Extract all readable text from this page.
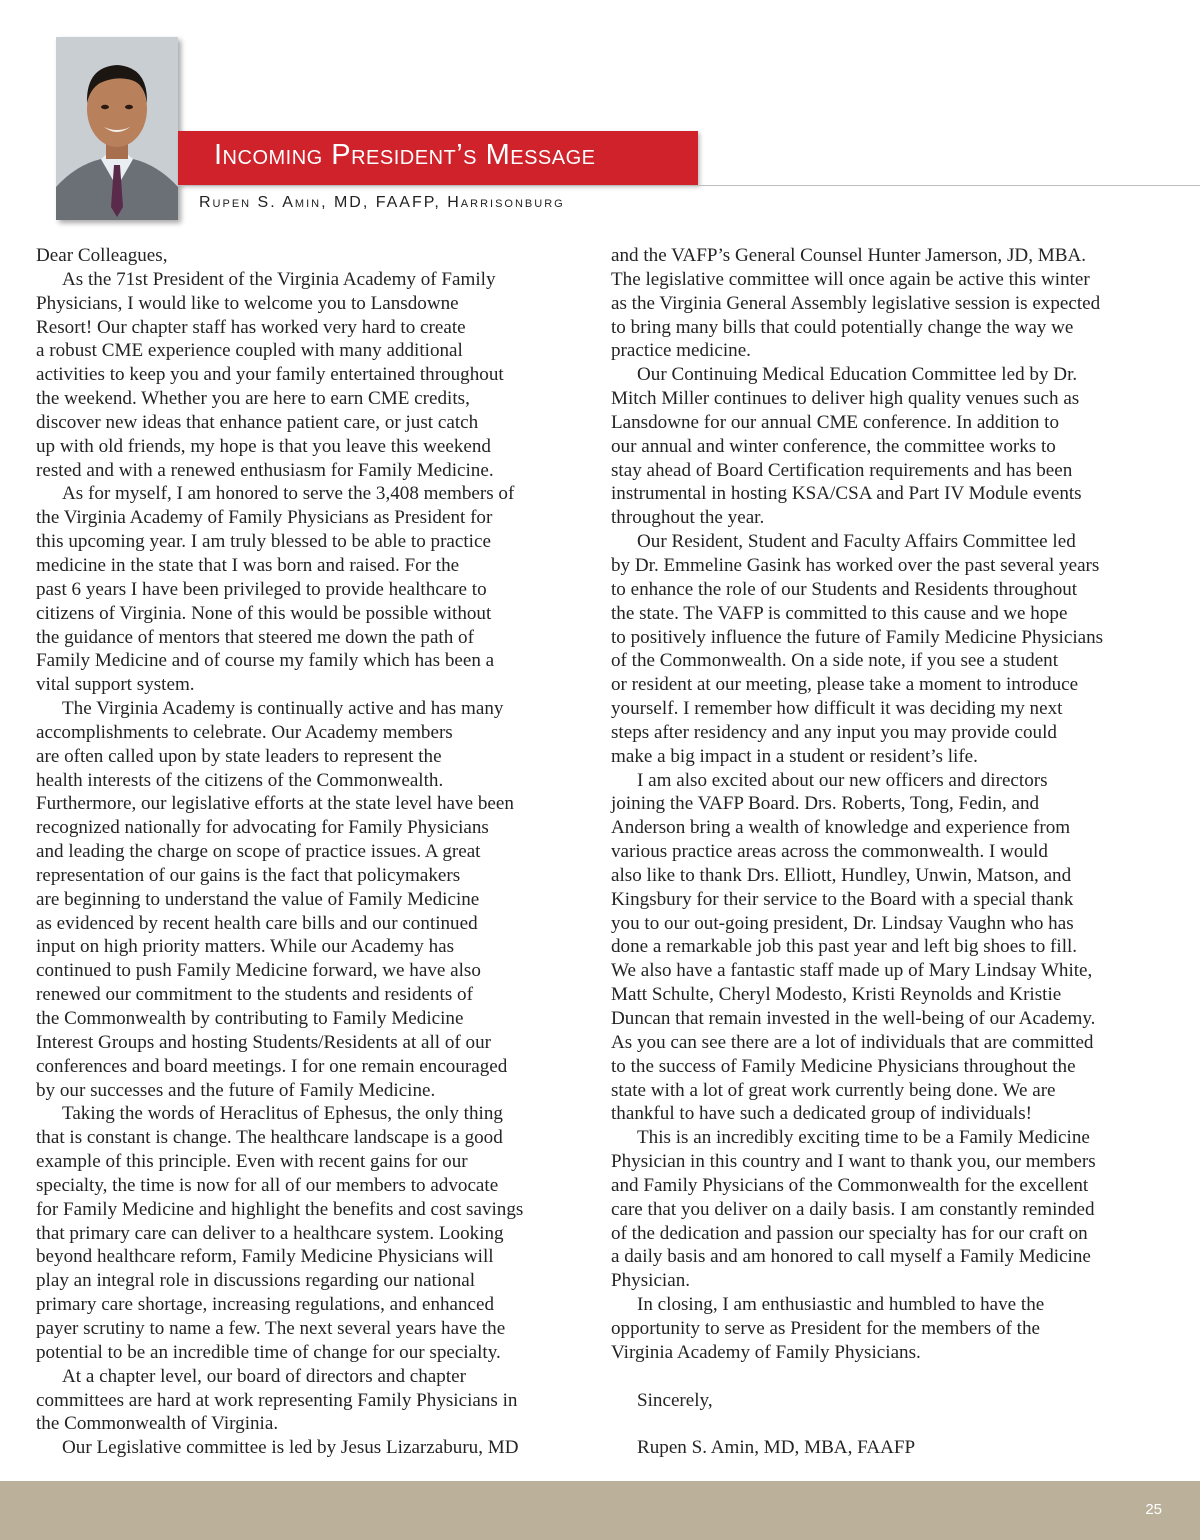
Incoming President’s Message
Rupen S. Amin, MD, FAAFP, Harrisonburg
Dear Colleagues,
As the 71st President of the Virginia Academy of Family
Physicians, I would like to welcome you to Lansdowne
Resort! Our chapter staff has worked very hard to create
a robust CME experience coupled with many additional
activities to keep you and your family entertained throughout
the weekend. Whether you are here to earn CME credits,
discover new ideas that enhance patient care, or just catch
up with old friends, my hope is that you leave this weekend
rested and with a renewed enthusiasm for Family Medicine.
As for myself, I am honored to serve the 3,408 members of
the Virginia Academy of Family Physicians as President for
this upcoming year. I am truly blessed to be able to practice
medicine in the state that I was born and raised. For the
past 6 years I have been privileged to provide healthcare to
citizens of Virginia. None of this would be possible without
the guidance of mentors that steered me down the path of
Family Medicine and of course my family which has been a
vital support system.
The Virginia Academy is continually active and has many
accomplishments to celebrate. Our Academy members
are often called upon by state leaders to represent the
health interests of the citizens of the Commonwealth.
Furthermore, our legislative efforts at the state level have been
recognized nationally for advocating for Family Physicians
and leading the charge on scope of practice issues. A great
representation of our gains is the fact that policymakers
are beginning to understand the value of Family Medicine
as evidenced by recent health care bills and our continued
input on high priority matters. While our Academy has
continued to push Family Medicine forward, we have also
renewed our commitment to the students and residents of
the Commonwealth by contributing to Family Medicine
Interest Groups and hosting Students/Residents at all of our
conferences and board meetings. I for one remain encouraged
by our successes and the future of Family Medicine.
Taking the words of Heraclitus of Ephesus, the only thing
that is constant is change. The healthcare landscape is a good
example of this principle. Even with recent gains for our
specialty, the time is now for all of our members to advocate
for Family Medicine and highlight the benefits and cost savings
that primary care can deliver to a healthcare system. Looking
beyond healthcare reform, Family Medicine Physicians will
play an integral role in discussions regarding our national
primary care shortage, increasing regulations, and enhanced
payer scrutiny to name a few. The next several years have the
potential to be an incredible time of change for our specialty.
At a chapter level, our board of directors and chapter
committees are hard at work representing Family Physicians in
the Commonwealth of Virginia.
Our Legislative committee is led by Jesus Lizarzaburu, MD
and the VAFP’s General Counsel Hunter Jamerson, JD, MBA.
The legislative committee will once again be active this winter
as the Virginia General Assembly legislative session is expected
to bring many bills that could potentially change the way we
practice medicine.
Our Continuing Medical Education Committee led by Dr.
Mitch Miller continues to deliver high quality venues such as
Lansdowne for our annual CME conference. In addition to
our annual and winter conference, the committee works to
stay ahead of Board Certification requirements and has been
instrumental in hosting KSA/CSA and Part IV Module events
throughout the year.
Our Resident, Student and Faculty Affairs Committee led
by Dr. Emmeline Gasink has worked over the past several years
to enhance the role of our Students and Residents throughout
the state. The VAFP is committed to this cause and we hope
to positively influence the future of Family Medicine Physicians
of the Commonwealth. On a side note, if you see a student
or resident at our meeting, please take a moment to introduce
yourself. I remember how difficult it was deciding my next
steps after residency and any input you may provide could
make a big impact in a student or resident’s life.
I am also excited about our new officers and directors
joining the VAFP Board. Drs. Roberts, Tong, Fedin, and
Anderson bring a wealth of knowledge and experience from
various practice areas across the commonwealth. I would
also like to thank Drs. Elliott, Hundley, Unwin, Matson, and
Kingsbury for their service to the Board with a special thank
you to our out-going president, Dr. Lindsay Vaughn who has
done a remarkable job this past year and left big shoes to fill.
We also have a fantastic staff made up of Mary Lindsay White,
Matt Schulte, Cheryl Modesto, Kristi Reynolds and Kristie
Duncan that remain invested in the well-being of our Academy.
As you can see there are a lot of individuals that are committed
to the success of Family Medicine Physicians throughout the
state with a lot of great work currently being done. We are
thankful to have such a dedicated group of individuals!
This is an incredibly exciting time to be a Family Medicine
Physician in this country and I want to thank you, our members
and Family Physicians of the Commonwealth for the excellent
care that you deliver on a daily basis. I am constantly reminded
of the dedication and passion our specialty has for our craft on
a daily basis and am honored to call myself a Family Medicine
Physician.
In closing, I am enthusiastic and humbled to have the
opportunity to serve as President for the members of the
Virginia Academy of Family Physicians.
Sincerely,
Rupen S. Amin, MD, MBA, FAAFP
25
